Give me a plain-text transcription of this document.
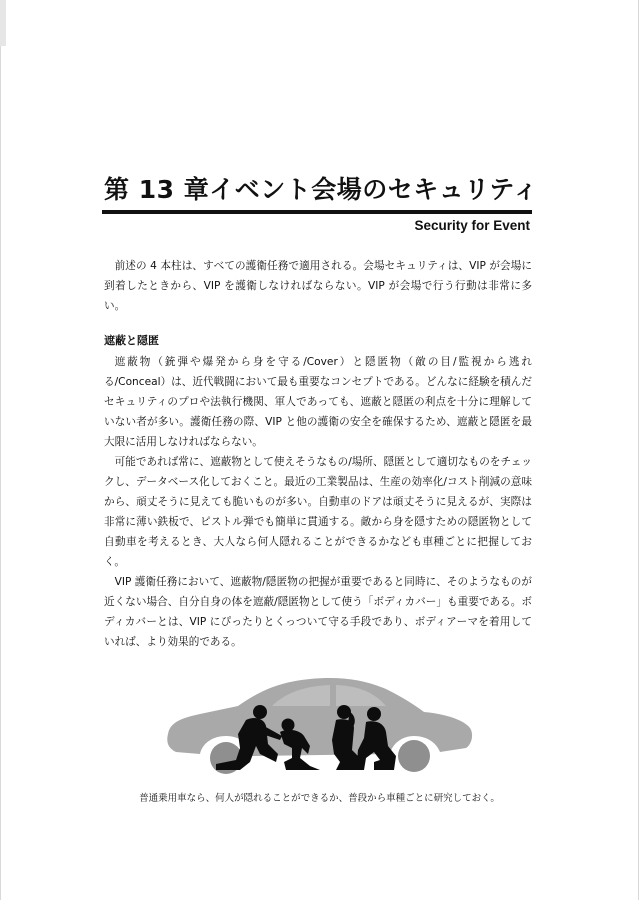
第 13 章イベント会場のセキュリティ

Security for Event

前述の 4 本柱は、すべての護衛任務で適用される。会場セキュリティは、VIP が会場に到着したときから、VIP を護衛しなければならない。VIP が会場で行う行動は非常に多い。

遮蔽と隠匿

遮蔽物（銃弾や爆発から身を守る/Cover）と隠匿物（敵の目/監視から逃れる/Conceal）は、近代戦闘において最も重要なコンセプトである。どんなに経験を積んだセキュリティのプロや法執行機関、軍人であっても、遮蔽と隠匿の利点を十分に理解していない者が多い。護衛任務の際、VIP と他の護衛の安全を確保するため、遮蔽と隠匿を最大限に活用しなければならない。

可能であれば常に、遮蔽物として使えそうなもの/場所、隠匿として適切なものをチェックし、データベース化しておくこと。最近の工業製品は、生産の効率化/コスト削減の意味から、頑丈そうに見えても脆いものが多い。自動車のドアは頑丈そうに見えるが、実際は非常に薄い鉄板で、ピストル弾でも簡単に貫通する。敵から身を隠すための隠匿物として自動車を考えるとき、大人なら何人隠れることができるかなども車種ごとに把握しておく。

VIP 護衛任務において、遮蔽物/隠匿物の把握が重要であると同時に、そのようなものが近くない場合、自分自身の体を遮蔽/隠匿物として使う「ボディカバー」も重要である。ボディカバーとは、VIP にぴったりとくっついて守る手段であり、ボディアーマを着用していれば、より効果的である。

普通乗用車なら、何人が隠れることができるか、普段から車種ごとに研究しておく。
